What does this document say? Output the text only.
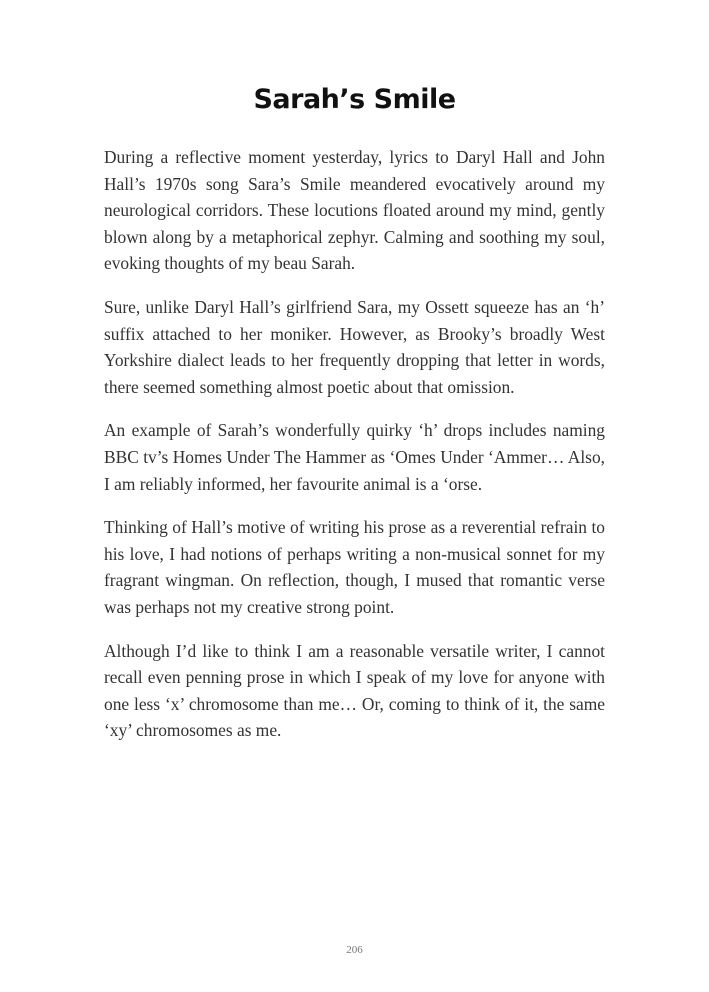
Sarah’s Smile

During a reflective moment yesterday, lyrics to Daryl Hall and John Hall’s 1970s song Sara’s Smile meandered evocatively around my neurological corridors. These locutions floated around my mind, gently blown along by a metaphorical zephyr. Calming and soothing my soul, evoking thoughts of my beau Sarah.

Sure, unlike Daryl Hall’s girlfriend Sara, my Ossett squeeze has an ‘h’ suffix attached to her moniker. However, as Brooky’s broadly West Yorkshire dialect leads to her frequently dropping that letter in words, there seemed something almost poetic about that omission.

An example of Sarah’s wonderfully quirky ‘h’ drops includes naming BBC tv’s Homes Under The Hammer as ‘Omes Under ‘Ammer… Also, I am reliably informed, her favourite animal is a ‘orse.

Thinking of Hall’s motive of writing his prose as a reverential refrain to his love, I had notions of perhaps writing a non-musical sonnet for my fragrant wingman. On reflection, though, I mused that romantic verse was perhaps not my creative strong point.

Although I’d like to think I am a reasonable versatile writer, I cannot recall even penning prose in which I speak of my love for anyone with one less ‘x’ chromosome than me… Or, coming to think of it, the same ‘xy’ chromosomes as me.

206
